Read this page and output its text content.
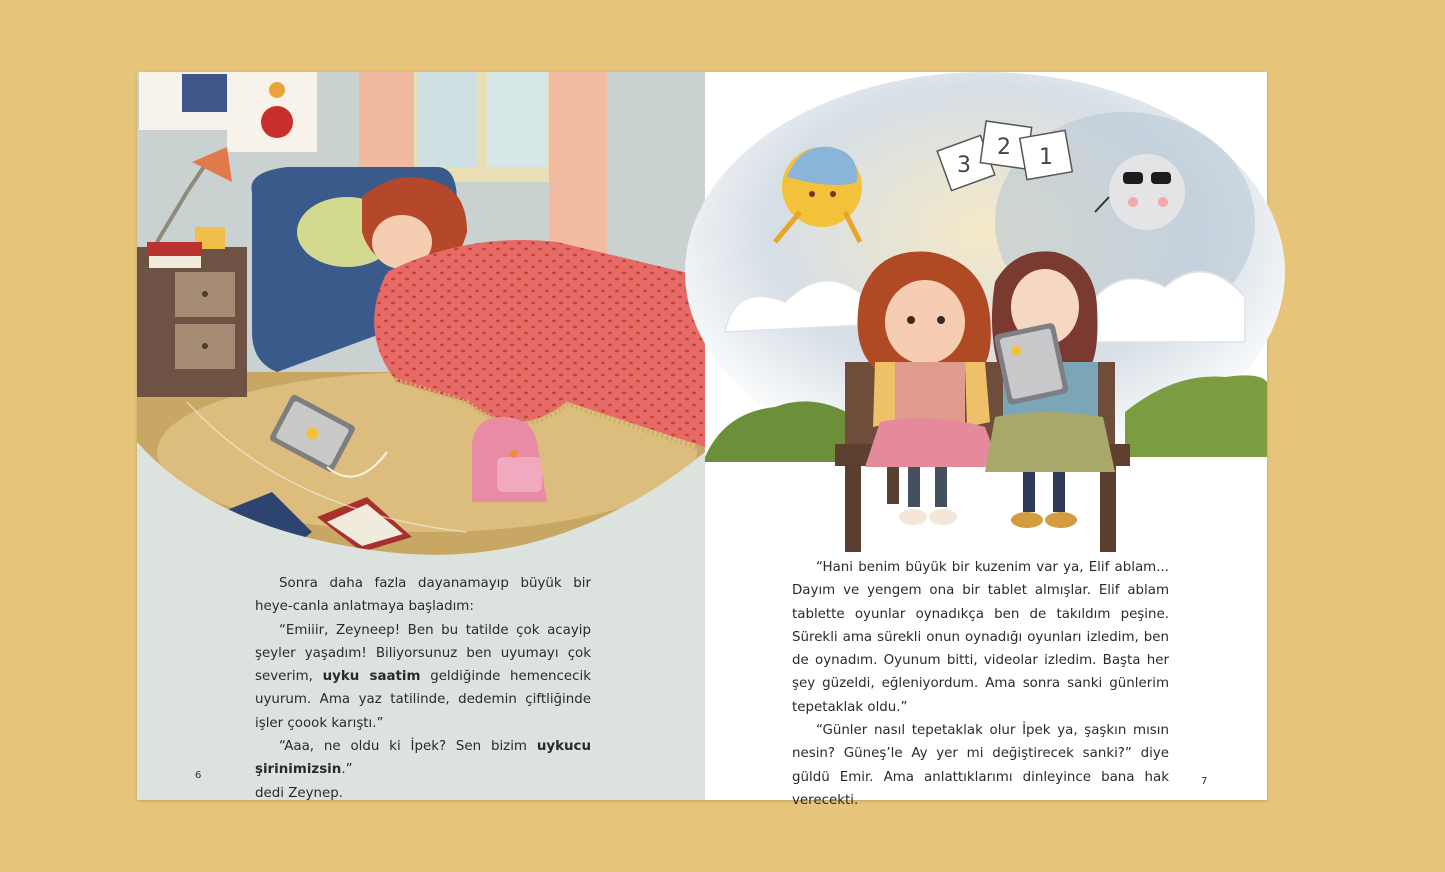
Sonra daha fazla dayanamayıp büyük bir heye-canla anlatmaya başladım:

“Emiiir, Zeyneep! Ben bu tatilde çok acayip şeyler yaşadım! Biliyorsunuz ben uyumayı çok severim, uyku saatim geldiğinde hemencecik uyurum. Ama yaz tatilinde, dedemin çiftliğinde işler çoook karıştı.”

“Aaa, ne oldu ki İpek? Sen bizim uykucu şirinimizsin.”

dedi Zeynep.

6
3
2 1

“Hani benim büyük bir kuzenim var ya, Elif ablam... Dayım ve yengem ona bir tablet almışlar. Elif ablam tablette oyunlar oynadıkça ben de takıldım peşine. Sürekli ama sürekli onun oynadığı oyunları izledim, ben de oynadım. Oyunum bitti, videolar izledim. Başta her şey güzeldi, eğleniyordum. Ama sonra sanki günlerim tepetaklak oldu.”

“Günler nasıl tepetaklak olur İpek ya, şaşkın mısın nesin? Güneş’le Ay yer mi değiştirecek sanki?” diye güldü Emir. Ama anlattıklarımı dinleyince bana hak verecekti.

7
